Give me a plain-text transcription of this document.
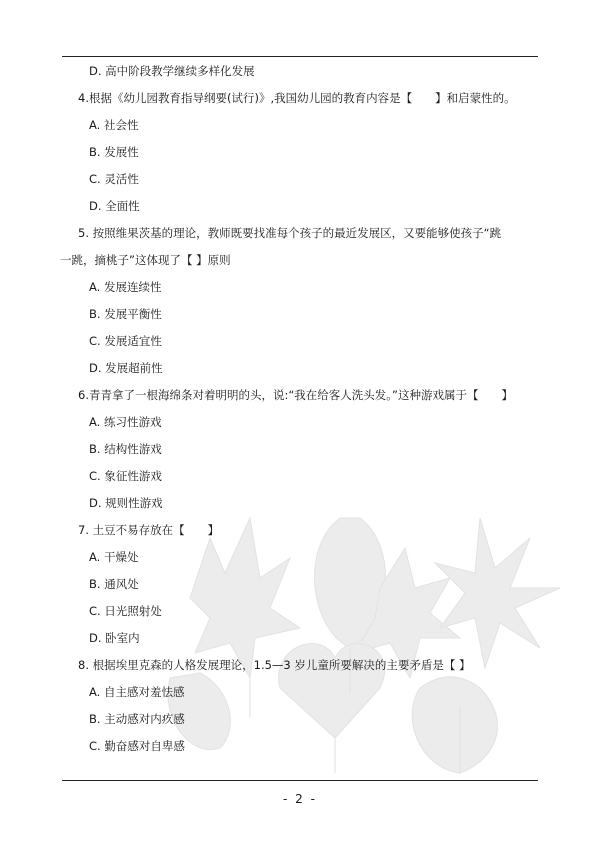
D. 高中阶段教学继续多样化发展
4.根据《幼儿园教育指导纲要(试行)》,我国幼儿园的教育内容是【　　】和启蒙性的。
A. 社会性
B. 发展性
C. 灵活性
D. 全面性
5. 按照维果茨基的理论，教师既要找准每个孩子的最近发展区，又要能够使孩子“跳
一跳，摘桃子”这体现了【 】原则
A. 发展连续性
B. 发展平衡性
C. 发展适宜性
D. 发展超前性
6.青青拿了一根海绵条对着明明的头，说:“我在给客人洗头发。”这种游戏属于【　　】
A. 练习性游戏
B. 结构性游戏
C. 象征性游戏
D. 规则性游戏
7. 土豆不易存放在【　　】
A. 干燥处
B. 通风处
C. 日光照射处
D. 卧室内
8. 根据埃里克森的人格发展理论，1.5—3 岁儿童所要解决的主要矛盾是【 】
A. 自主感对羞怯感
B. 主动感对内疚感
C. 勤奋感对自卑感
- 2 -
